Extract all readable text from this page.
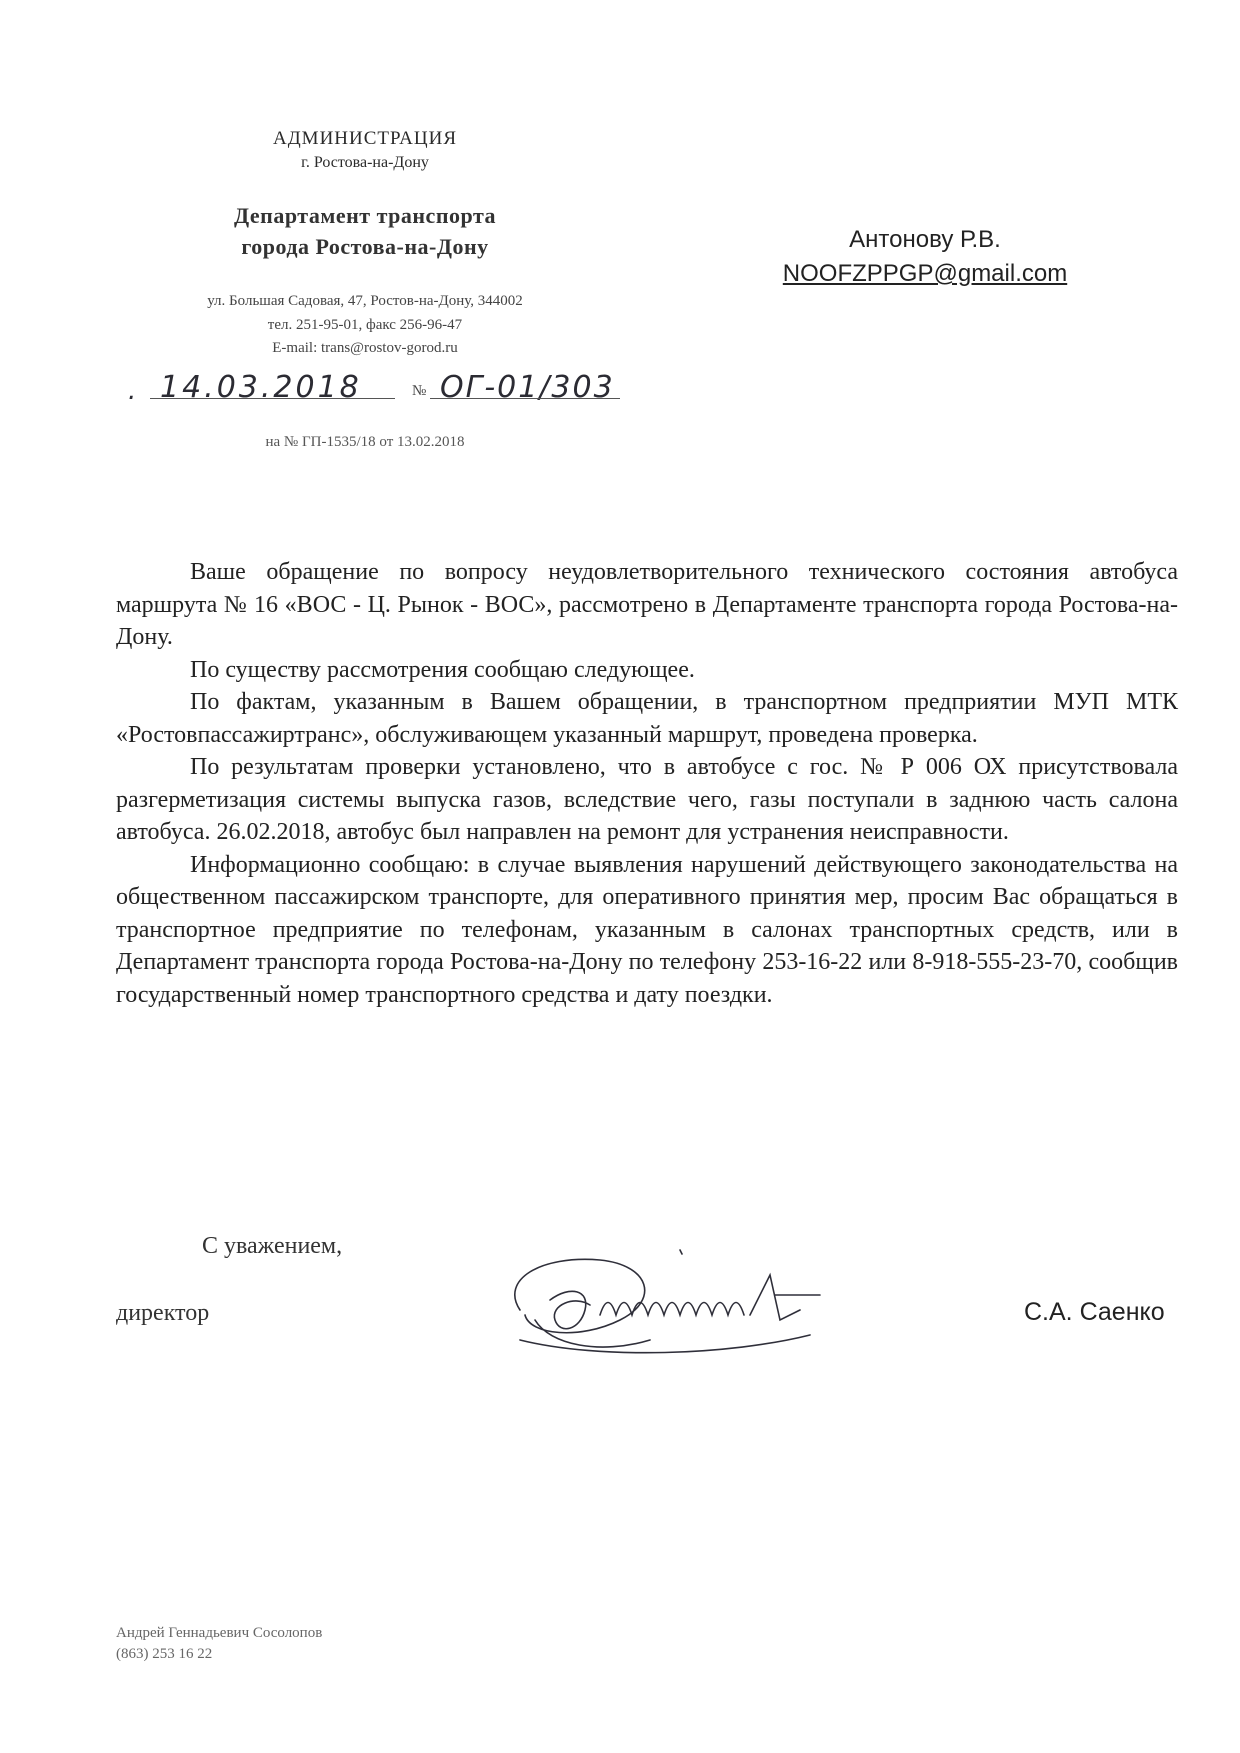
АДМИНИСТРАЦИЯ
г. Ростова-на-Дону
Департамент транспорта
города Ростова-на-Дону
ул. Большая Садовая, 47, Ростов-на-Дону, 344002
тел. 251-95-01, факс 256-96-47
E-mail: trans@rostov-gorod.ru
. 14.03.2018	№ ОГ-01/303
на № ГП-1535/18 от 13.02.2018
Антонову Р.В.
NOOFZPPGP@gmail.com

Ваше обращение по вопросу неудовлетворительного технического состояния автобуса маршрута № 16 «ВОС - Ц. Рынок - ВОС», рассмотрено в Департаменте транспорта города Ростова-на-Дону.

По существу рассмотрения сообщаю следующее.

По фактам, указанным в Вашем обращении, в транспортном предприятии МУП МТК «Ростовпассажиртранс», обслуживающем указанный маршрут, проведена проверка.

По результатам проверки установлено, что в автобусе с гос. № Р 006 ОХ присутствовала разгерметизация системы выпуска газов, вследствие чего, газы поступали в заднюю часть салона автобуса. 26.02.2018, автобус был направлен на ремонт для устранения неисправности.

Информационно сообщаю: в случае выявления нарушений действующего законодательства на общественном пассажирском транспорте, для оперативного принятия мер, просим Вас обращаться в транспортное предприятие по телефонам, указанным в салонах транспортных средств, или в Департамент транспорта города Ростова-на-Дону по телефону 253-16-22 или 8-918-555-23-70, сообщив государственный номер транспортного средства и дату поездки.

С уважением,
директор	С.А. Саенко
Андрей Геннадьевич Сосолопов
(863) 253 16 22
